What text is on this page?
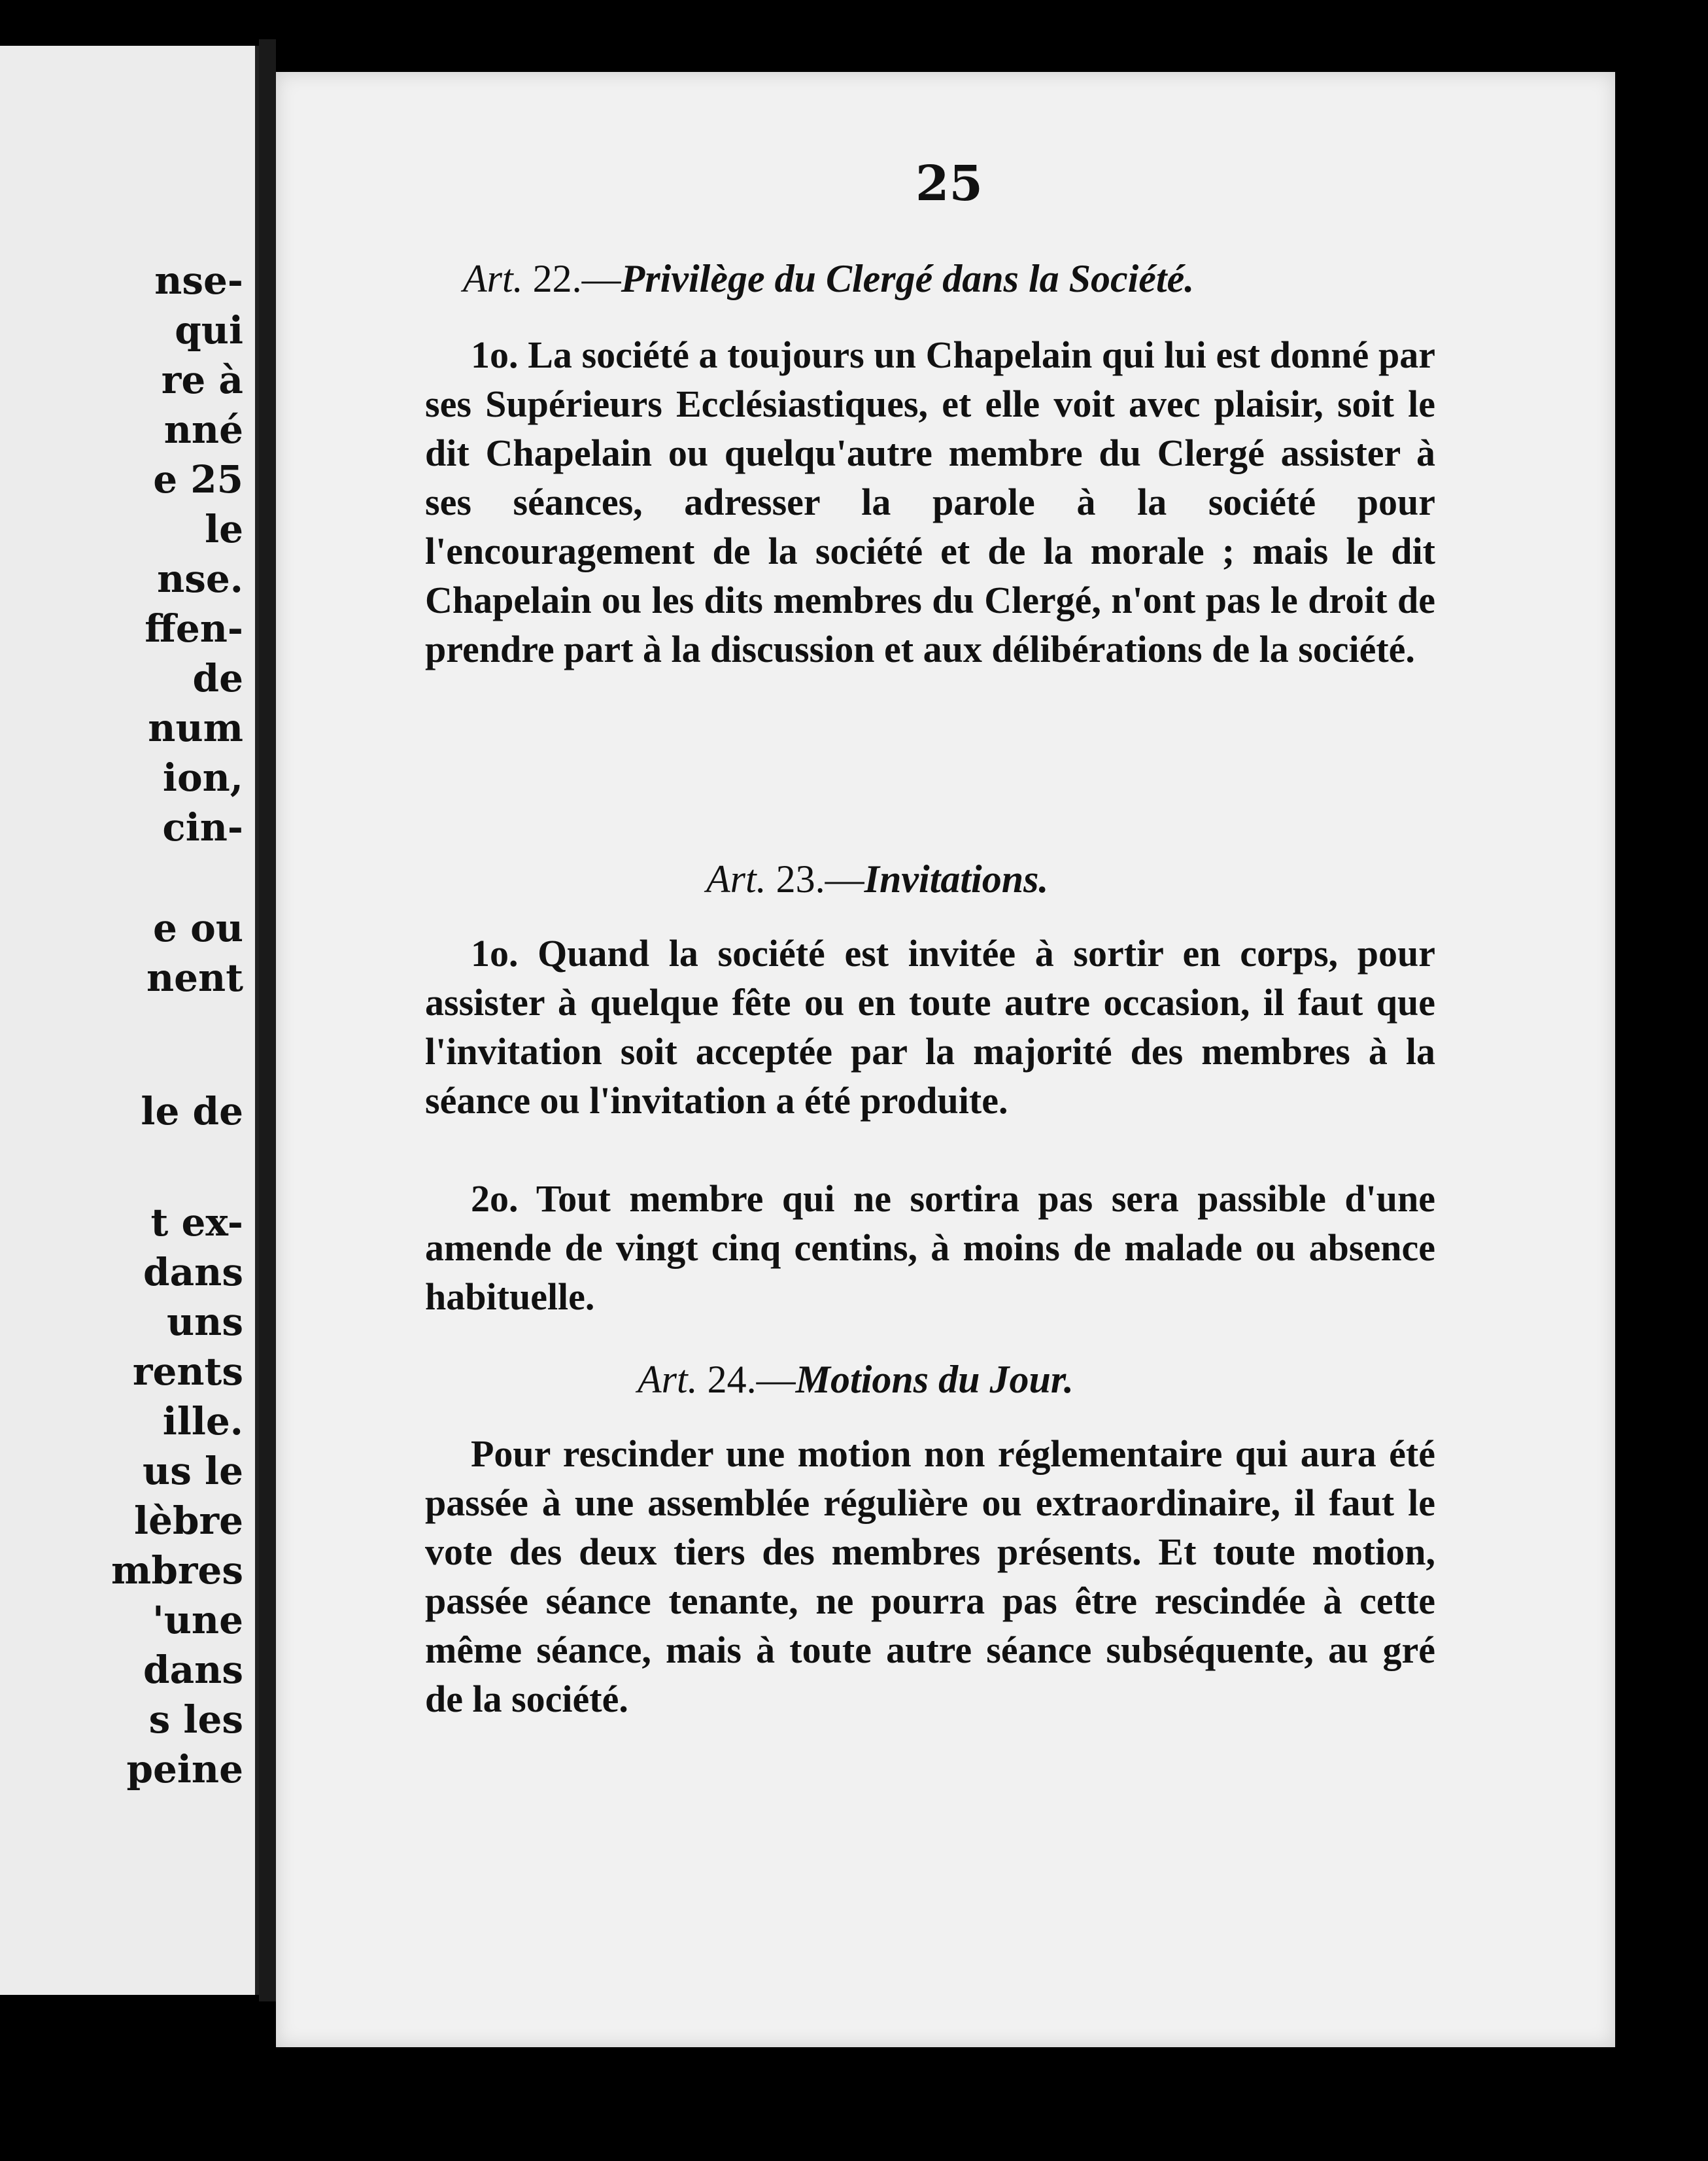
nse-
qui
re à
nné
e 25
le
nse.
ffen-
de
num
ion,
cin-
e ou
nent
le de
t ex-
dans
uns
rents
ille.
us le
lèbre
mbres
'une
dans
s les
peine
25
Art. 22.—Privilège du Clergé dans la Société.
1o. La société a toujours un Chapelain qui lui est donné par ses Supérieurs Ecclésiastiques, et elle voit avec plaisir, soit le dit Chapelain ou quelqu'autre membre du Clergé assister à ses séances, adresser la parole à la société pour l'encouragement de la société et de la morale ; mais le dit Chapelain ou les dits membres du Clergé, n'ont pas le droit de prendre part à la discussion et aux délibérations de la société.
Art. 23.—Invitations.
1o. Quand la société est invitée à sortir en corps, pour assister à quelque fête ou en toute autre occasion, il faut que l'invitation soit acceptée par la majorité des membres à la séance ou l'invitation a été produite.
2o. Tout membre qui ne sortira pas sera passible d'une amende de vingt cinq centins, à moins de malade ou absence habituelle.
Art. 24.—Motions du Jour.
Pour rescinder une motion non réglementaire qui aura été passée à une assemblée régulière ou extraordinaire, il faut le vote des deux tiers des membres présents. Et toute motion, passée séance tenante, ne pourra pas être rescindée à cette même séance, mais à toute autre séance subséquente, au gré de la société.
